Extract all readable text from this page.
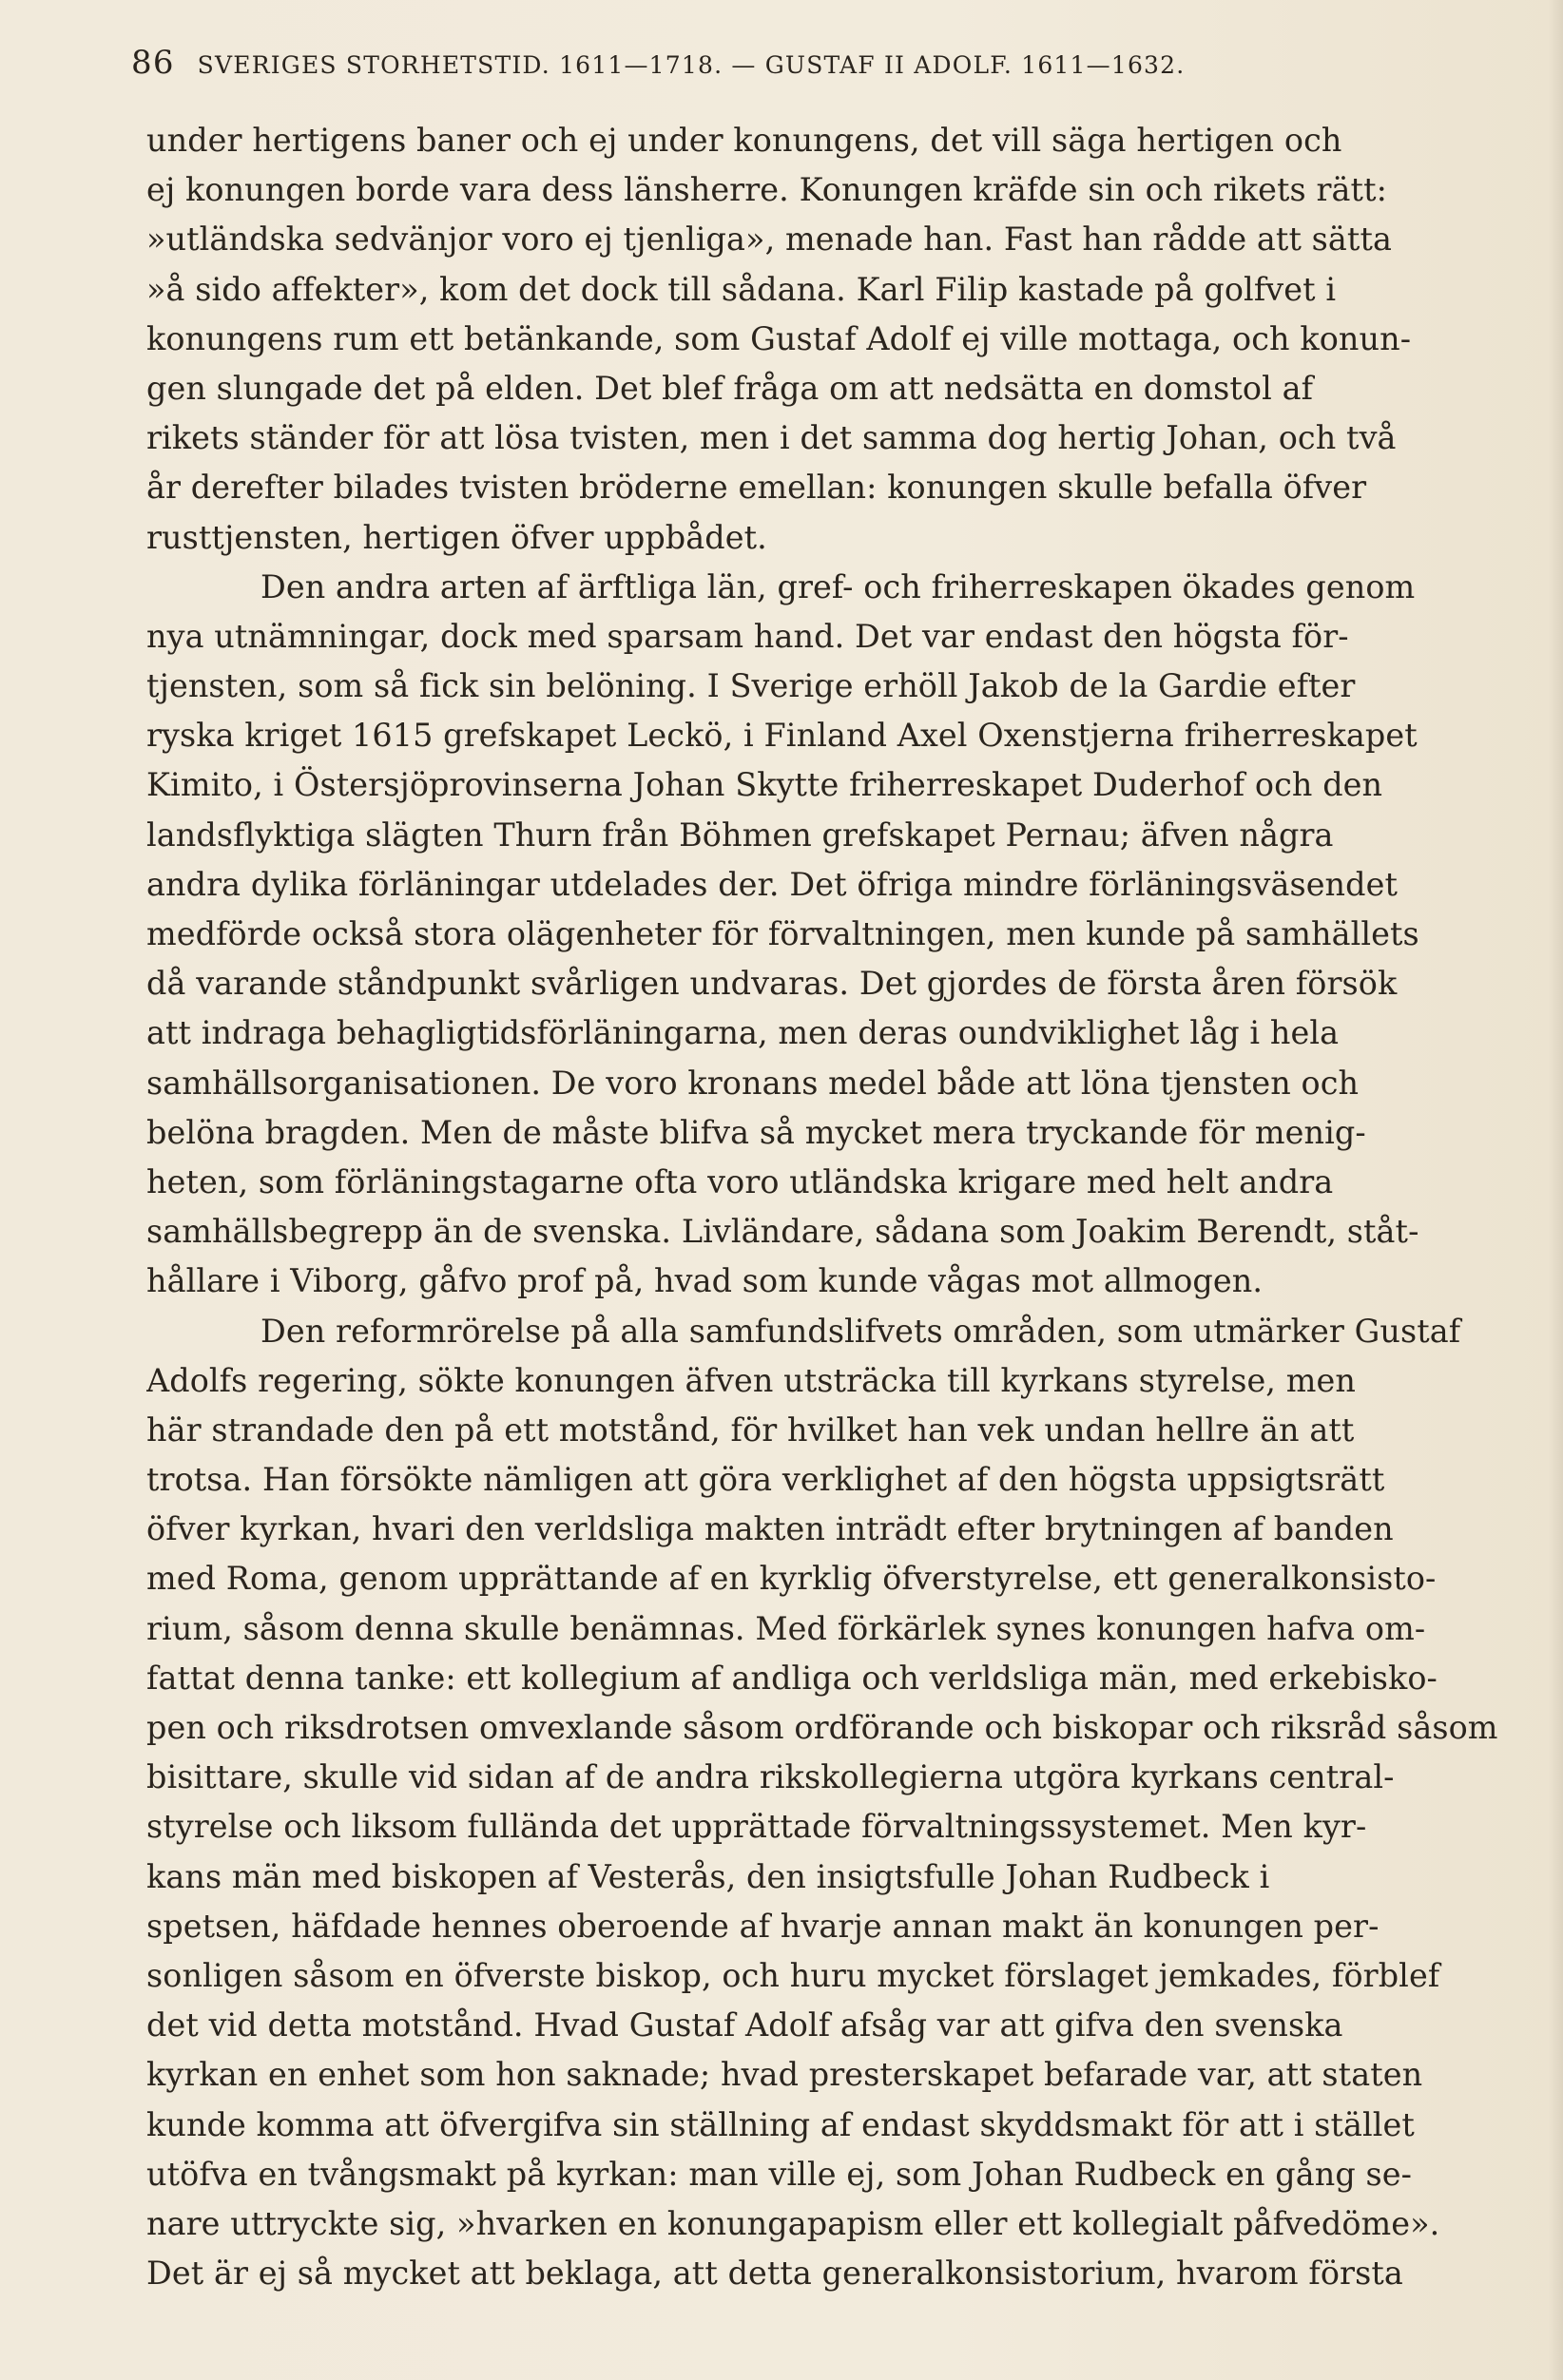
86 SVERIGES STORHETSTID. 1611—1718. — GUSTAF II ADOLF. 1611—1632.
under hertigens baner och ej under konungens, det vill säga hertigen och
ej konungen borde vara dess länsherre. Konungen kräfde sin och rikets rätt:
»utländska sedvänjor voro ej tjenliga», menade han. Fast han rådde att sätta
»å sido affekter», kom det dock till sådana. Karl Filip kastade på golfvet i
konungens rum ett betänkande, som Gustaf Adolf ej ville mottaga, och konun-
gen slungade det på elden. Det blef fråga om att nedsätta en domstol af
rikets ständer för att lösa tvisten, men i det samma dog hertig Johan, och två
år derefter bilades tvisten bröderne emellan: konungen skulle befalla öfver
rusttjensten, hertigen öfver uppbådet.
Den andra arten af ärftliga län, gref- och friherreskapen ökades genom
nya utnämningar, dock med sparsam hand. Det var endast den högsta för-
tjensten, som så fick sin belöning. I Sverige erhöll Jakob de la Gardie efter
ryska kriget 1615 grefskapet Leckö, i Finland Axel Oxenstjerna friherreskapet
Kimito, i Östersjöprovinserna Johan Skytte friherreskapet Duderhof och den
landsflyktiga slägten Thurn från Böhmen grefskapet Pernau; äfven några
andra dylika förläningar utdelades der. Det öfriga mindre förläningsväsendet
medförde också stora olägenheter för förvaltningen, men kunde på samhällets
då varande ståndpunkt svårligen undvaras. Det gjordes de första åren försök
att indraga behagligtidsförläningarna, men deras oundviklighet låg i hela
samhällsorganisationen. De voro kronans medel både att löna tjensten och
belöna bragden. Men de måste blifva så mycket mera tryckande för menig-
heten, som förläningstagarne ofta voro utländska krigare med helt andra
samhällsbegrepp än de svenska. Livländare, sådana som Joakim Berendt, ståt-
hållare i Viborg, gåfvo prof på, hvad som kunde vågas mot allmogen.
Den reformrörelse på alla samfundslifvets områden, som utmärker Gustaf
Adolfs regering, sökte konungen äfven utsträcka till kyrkans styrelse, men
här strandade den på ett motstånd, för hvilket han vek undan hellre än att
trotsa. Han försökte nämligen att göra verklighet af den högsta uppsigtsrätt
öfver kyrkan, hvari den verldsliga makten inträdt efter brytningen af banden
med Roma, genom upprättande af en kyrklig öfverstyrelse, ett generalkonsisto-
rium, såsom denna skulle benämnas. Med förkärlek synes konungen hafva om-
fattat denna tanke: ett kollegium af andliga och verldsliga män, med erkebisko-
pen och riksdrotsen omvexlande såsom ordförande och biskopar och riksråd såsom
bisittare, skulle vid sidan af de andra rikskollegierna utgöra kyrkans central-
styrelse och liksom fullända det upprättade förvaltningssystemet. Men kyr-
kans män med biskopen af Vesterås, den insigtsfulle Johan Rudbeck i
spetsen, häfdade hennes oberoende af hvarje annan makt än konungen per-
sonligen såsom en öfverste biskop, och huru mycket förslaget jemkades, förblef
det vid detta motstånd. Hvad Gustaf Adolf afsåg var att gifva den svenska
kyrkan en enhet som hon saknade; hvad presterskapet befarade var, att staten
kunde komma att öfvergifva sin ställning af endast skyddsmakt för att i stället
utöfva en tvångsmakt på kyrkan: man ville ej, som Johan Rudbeck en gång se-
nare uttryckte sig, »hvarken en konungapapism eller ett kollegialt påfvedöme».
Det är ej så mycket att beklaga, att detta generalkonsistorium, hvarom första
